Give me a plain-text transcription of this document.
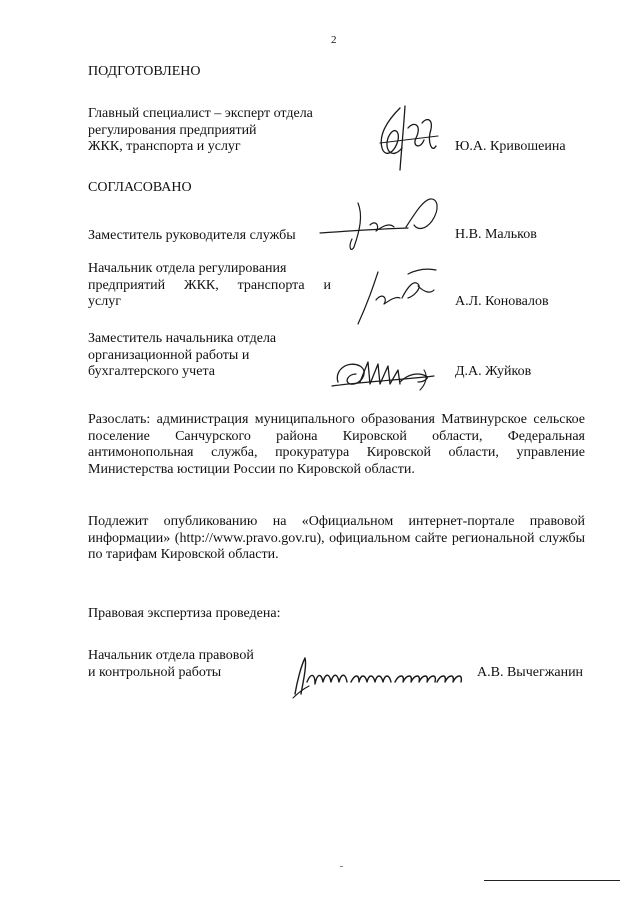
2
ПОДГОТОВЛЕНО
Главный специалист – эксперт отдела
регулирования предприятий
ЖКК, транспорта и услуг	Ю.А. Кривошеина
СОГЛАСОВАНО
Заместитель руководителя службы	Н.В. Мальков
Начальник отдела регулирования
предприятий ЖКК, транспорта и
услуг	А.Л. Коновалов
Заместитель начальника отдела
организационной работы и
бухгалтерского учета	Д.А. Жуйков
Разослать: администрация муниципального образования Матвинурское сельское поселение Санчурского района Кировской области, Федеральная антимонопольная служба, прокуратура Кировской области, управление Министерства юстиции России по Кировской области.
Подлежит опубликованию на «Официальном интернет-портале правовой информации» (http://www.pravo.gov.ru), официальном сайте региональной службы по тарифам Кировской области.
Правовая экспертиза проведена:
Начальник отдела правовой
и контрольной работы	А.В. Вычегжанин
